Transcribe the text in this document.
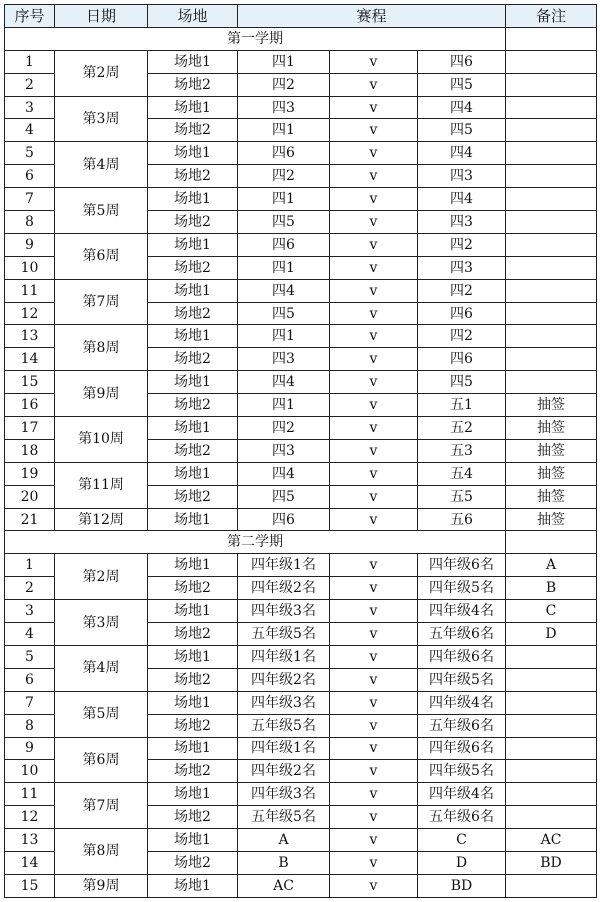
序号	日期	场地	赛程			备注
第一学期						
1	第2周	场地1	四1	v	四6	
2		场地2	四2	v	四5	
3	第3周	场地1	四3	v	四4	
4		场地2	四1	v	四5	
5	第4周	场地1	四6	v	四4	
6		场地2	四2	v	四3	
7	第5周	场地1	四1	v	四4	
8		场地2	四5	v	四3	
9	第6周	场地1	四6	v	四2	
10		场地2	四1	v	四3	
11	第7周	场地1	四4	v	四2	
12		场地2	四5	v	四6	
13	第8周	场地1	四1	v	四2	
14		场地2	四3	v	四6	
15	第9周	场地1	四4	v	四5	
16		场地2	四1	v	五1	抽签
17	第10周	场地1	四2	v	五2	抽签
18		场地2	四3	v	五3	抽签
19	第11周	场地1	四4	v	五4	抽签
20		场地2	四5	v	五5	抽签
21	第12周	场地1	四6	v	五6	抽签
第二学期						
1	第2周	场地1	四年级1名	v	四年级6名	A
2		场地2	四年级2名	v	四年级5名	B
3	第3周	场地1	四年级3名	v	四年级4名	C
4		场地2	五年级5名	v	五年级6名	D
5	第4周	场地1	四年级1名	v	四年级6名	
6		场地2	四年级2名	v	四年级5名	
7	第5周	场地1	四年级3名	v	四年级4名	
8		场地2	五年级5名	v	五年级6名	
9	第6周	场地1	四年级1名	v	四年级6名	
10		场地2	四年级2名	v	四年级5名	
11	第7周	场地1	四年级3名	v	四年级4名	
12		场地2	五年级5名	v	五年级6名	
13	第8周	场地1	A	v	C	AC
14		场地2	B	v	D	BD
15	第9周	场地1	AC	v	BD	
